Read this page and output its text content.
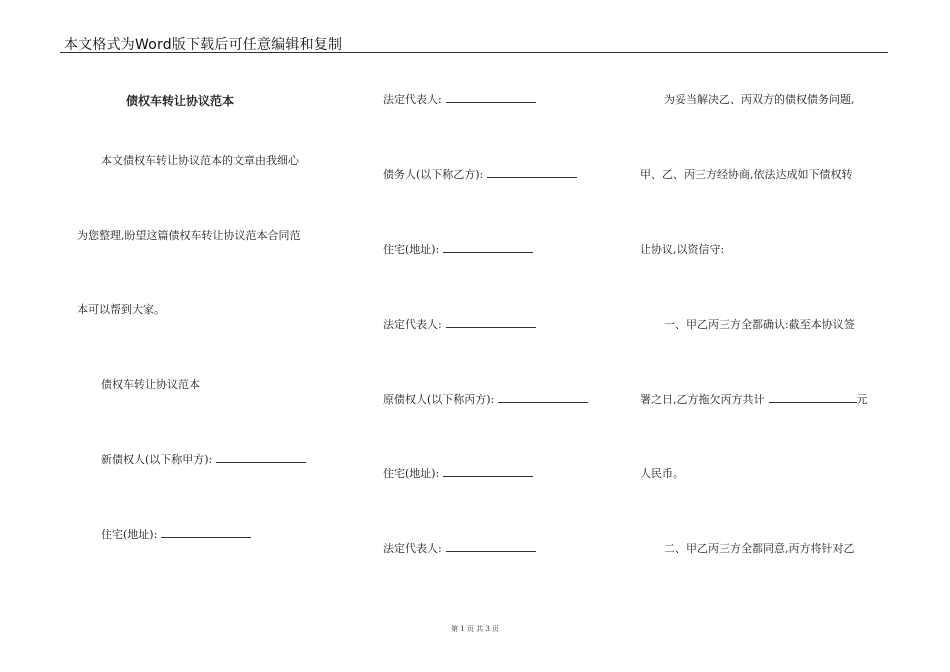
本文格式为Word版下载后可任意编辑和复制
债权车转让协议范本
本文债权车转让协议范本的文章由我细心
为您整理,盼望这篇债权车转让协议范本合同范
本可以帮到大家。
债权车转让协议范本
新债权人(以下称甲方):
住宅(地址):
法定代表人:
债务人(以下称乙方):
住宅(地址):
法定代表人:
原债权人(以下称丙方):
住宅(地址):
法定代表人:
为妥当解决乙、丙双方的债权债务问题,
甲、乙、丙三方经协商,依法达成如下债权转
让协议,以资信守:
一、甲乙丙三方全都确认:截至本协议签
署之日,乙方拖欠丙方共计	元
人民币。
二、甲乙丙三方全都同意,丙方将针对乙
第 1 页 共 3 页
